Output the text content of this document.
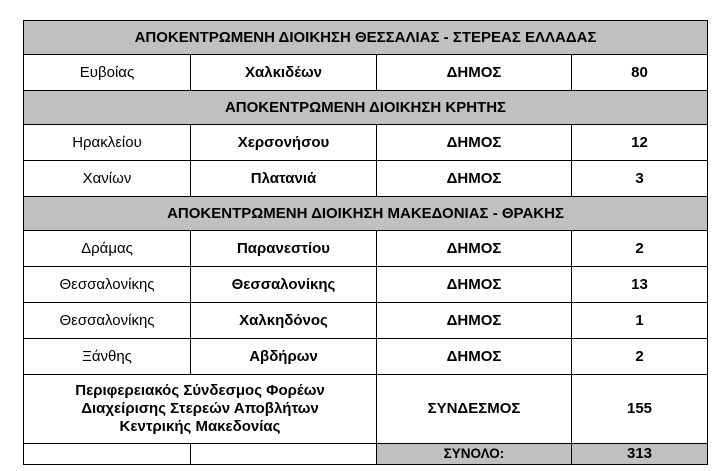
ΑΠΟΚΕΝΤΡΩΜΕΝΗ ΔΙΟΙΚΗΣΗ ΘΕΣΣΑΛΙΑΣ - ΣΤΕΡΕΑΣ ΕΛΛΑΔΑΣ			
Ευβοίας	Χαλκιδέων	ΔΗΜΟΣ	80
ΑΠΟΚΕΝΤΡΩΜΕΝΗ ΔΙΟΙΚΗΣΗ ΚΡΗΤΗΣ			
Ηρακλείου	Χερσονήσου	ΔΗΜΟΣ	12
Χανίων	Πλατανιά	ΔΗΜΟΣ	3
ΑΠΟΚΕΝΤΡΩΜΕΝΗ ΔΙΟΙΚΗΣΗ ΜΑΚΕΔΟΝΙΑΣ - ΘΡΑΚΗΣ			
Δράμας	Παρανεστίου	ΔΗΜΟΣ	2
Θεσσαλονίκης	Θεσσαλονίκης	ΔΗΜΟΣ	13
Θεσσαλονίκης	Χαλκηδόνος	ΔΗΜΟΣ	1
Ξάνθης	Αβδήρων	ΔΗΜΟΣ	2

Περιφερειακός Σύνδεσμος Φορέων
Διαχείρισης Στερεών Αποβλήτων
Κεντρικής Μακεδονίας		ΣΥΝΔΕΣΜΟΣ	155
		ΣΥΝΟΛΟ:	313
